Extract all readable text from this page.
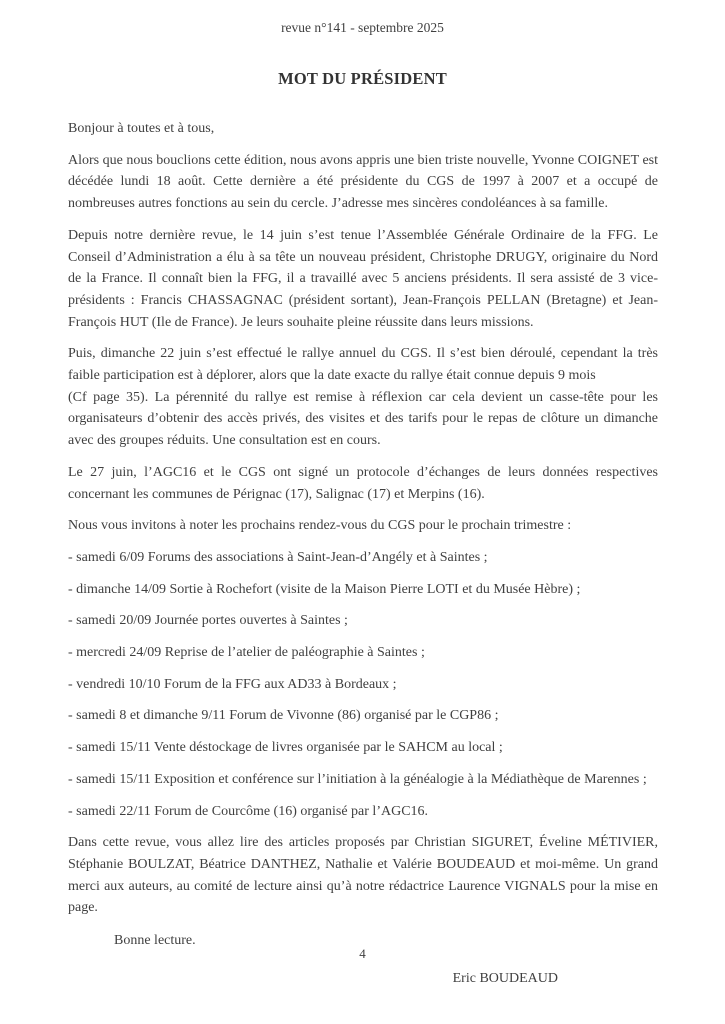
revue n°141 - septembre 2025
MOT DU PRÉSIDENT

Bonjour à toutes et à tous,

Alors que nous bouclions cette édition, nous avons appris une bien triste nouvelle, Yvonne COIGNET est décédée lundi 18 août. Cette dernière a été présidente du CGS de 1997 à 2007 et a occupé de nombreuses autres fonctions au sein du cercle. J’adresse mes sincères condoléances à sa famille.

Depuis notre dernière revue, le 14 juin s’est tenue l’Assemblée Générale Ordinaire de la FFG. Le Conseil d’Administration a élu à sa tête un nouveau président, Christophe DRUGY, originaire du Nord de la France. Il connaît bien la FFG, il a travaillé avec 5 anciens présidents. Il sera assisté de 3 vice-présidents : Francis CHASSAGNAC (président sortant), Jean-François PELLAN (Bretagne) et Jean-François HUT (Ile de France). Je leurs souhaite pleine réussite dans leurs missions.

Puis, dimanche 22 juin s’est effectué le rallye annuel du CGS. Il s’est bien déroulé, cependant la très faible participation est à déplorer, alors que la date exacte du rallye était connue depuis 9 mois
(Cf page 35). La pérennité du rallye est remise à réflexion car cela devient un casse-tête pour les organisateurs d’obtenir des accès privés, des visites et des tarifs pour le repas de clôture un dimanche avec des groupes réduits. Une consultation est en cours.

Le 27 juin, l’AGC16 et le CGS ont signé un protocole d’échanges de leurs données respectives concernant les communes de Pérignac (17), Salignac (17) et Merpins (16).

Nous vous invitons à noter les prochains rendez-vous du CGS pour le prochain trimestre :

- samedi 6/09 Forums des associations à Saint-Jean-d’Angély et à Saintes ;

- dimanche 14/09 Sortie à Rochefort (visite de la Maison Pierre LOTI et du Musée Hèbre) ;

- samedi 20/09 Journée portes ouvertes à Saintes ;

- mercredi 24/09 Reprise de l’atelier de paléographie à Saintes ;

- vendredi 10/10 Forum de la FFG aux AD33 à Bordeaux ;

- samedi 8 et dimanche 9/11 Forum de Vivonne (86) organisé par le CGP86 ;

- samedi 15/11 Vente déstockage de livres organisée par le SAHCM au local ;

- samedi 15/11 Exposition et conférence sur l’initiation à la généalogie à la Médiathèque de Marennes ;

- samedi 22/11 Forum de Courcôme (16) organisé par l’AGC16.

Dans cette revue, vous allez lire des articles proposés par Christian SIGURET, Éveline MÉTIVIER, Stéphanie BOULZAT, Béatrice DANTHEZ, Nathalie et Valérie BOUDEAUD et moi-même. Un grand merci aux auteurs, au comité de lecture ainsi qu’à notre rédactrice Laurence VIGNALS pour la mise en page.

Bonne lecture.

Eric BOUDEAUD

4
